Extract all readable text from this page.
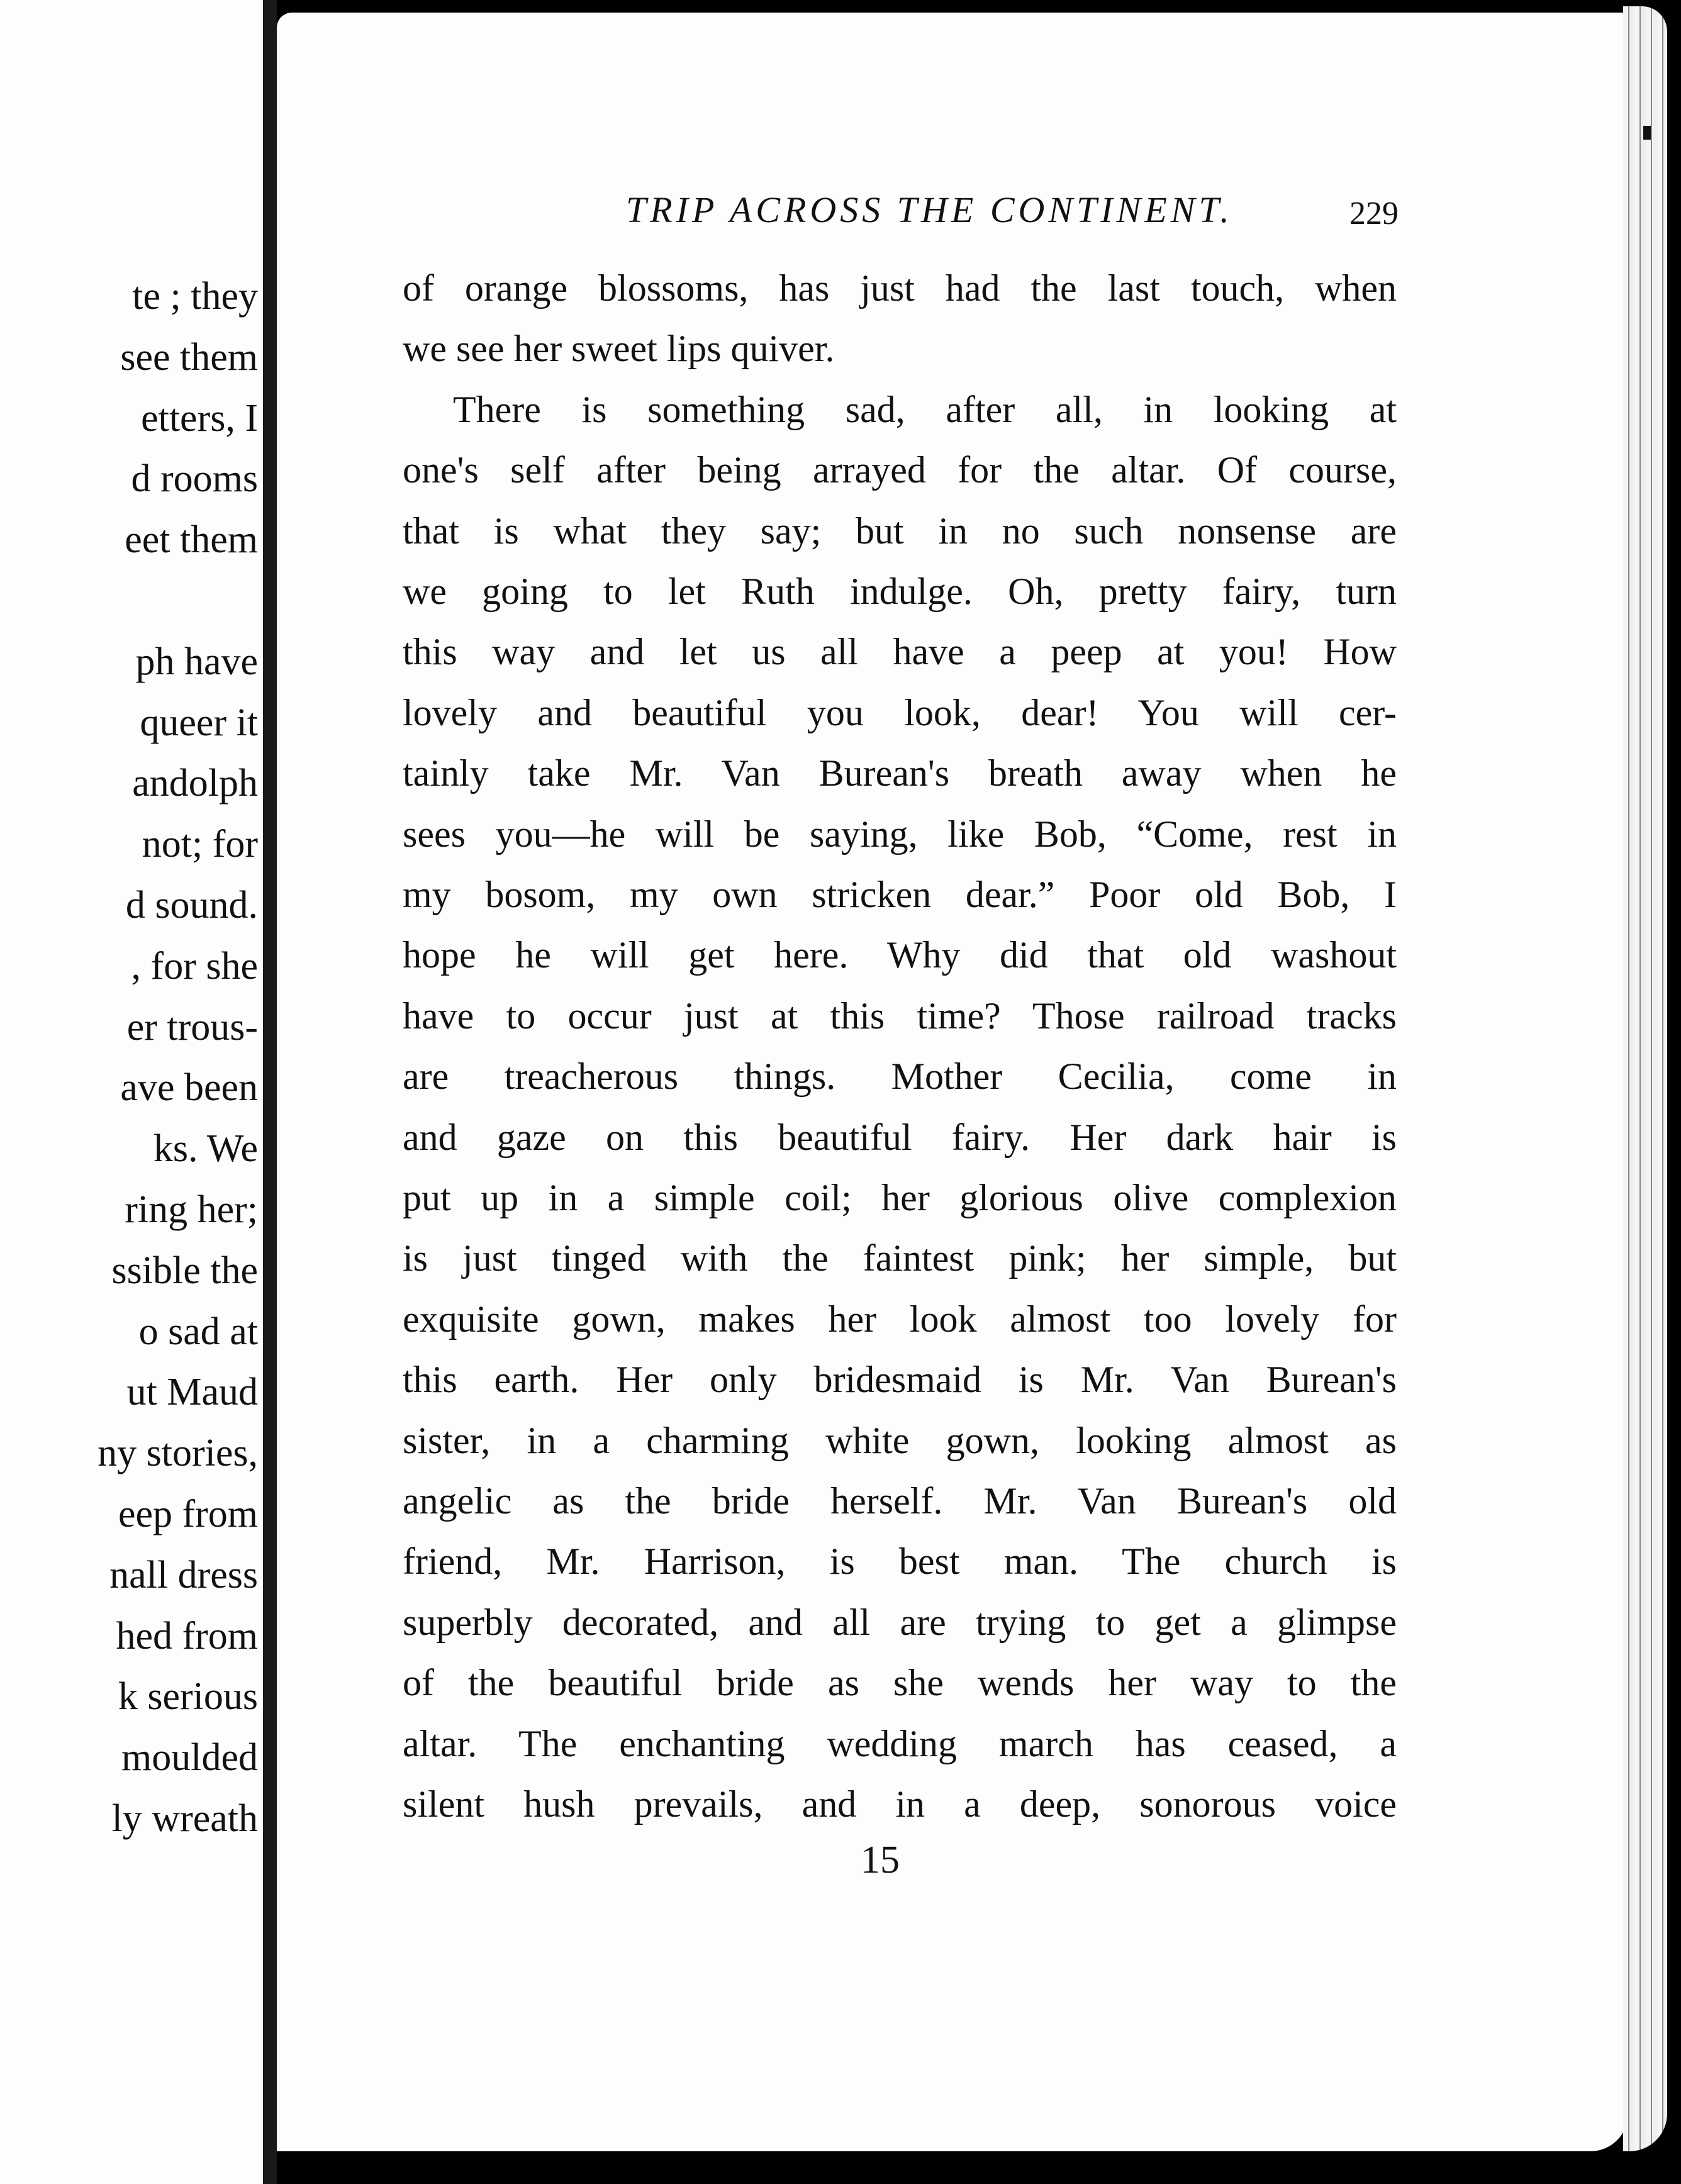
te ; they
see them
etters, I
d rooms
eet them
ph have
queer it
andolph
not; for
d sound.
, for she
er trous-
ave been
ks. We
ring her;
ssible the
o sad at
ut Maud
ny stories,
eep from
nall dress
hed from
k serious
moulded
ly wreath
TRIP ACROSS THE CONTINENT.	229
of orange blossoms, has just had the last touch, when
we see her sweet lips quiver.
There is something sad, after all, in looking at
one's self after being arrayed for the altar. Of course,
that is what they say; but in no such nonsense are
we going to let Ruth indulge. Oh, pretty fairy, turn
this way and let us all have a peep at you! How
lovely and beautiful you look, dear! You will cer-
tainly take Mr. Van Burean's breath away when he
sees you—he will be saying, like Bob, “Come, rest in
my bosom, my own stricken dear.” Poor old Bob, I
hope he will get here. Why did that old washout
have to occur just at this time? Those railroad tracks
are treacherous things. Mother Cecilia, come in
and gaze on this beautiful fairy. Her dark hair is
put up in a simple coil; her glorious olive complexion
is just tinged with the faintest pink; her simple, but
exquisite gown, makes her look almost too lovely for
this earth. Her only bridesmaid is Mr. Van Burean's
sister, in a charming white gown, looking almost as
angelic as the bride herself. Mr. Van Burean's old
friend, Mr. Harrison, is best man. The church is
superbly decorated, and all are trying to get a glimpse
of the beautiful bride as she wends her way to the
altar. The enchanting wedding march has ceased, a
silent hush prevails, and in a deep, sonorous voice
15
